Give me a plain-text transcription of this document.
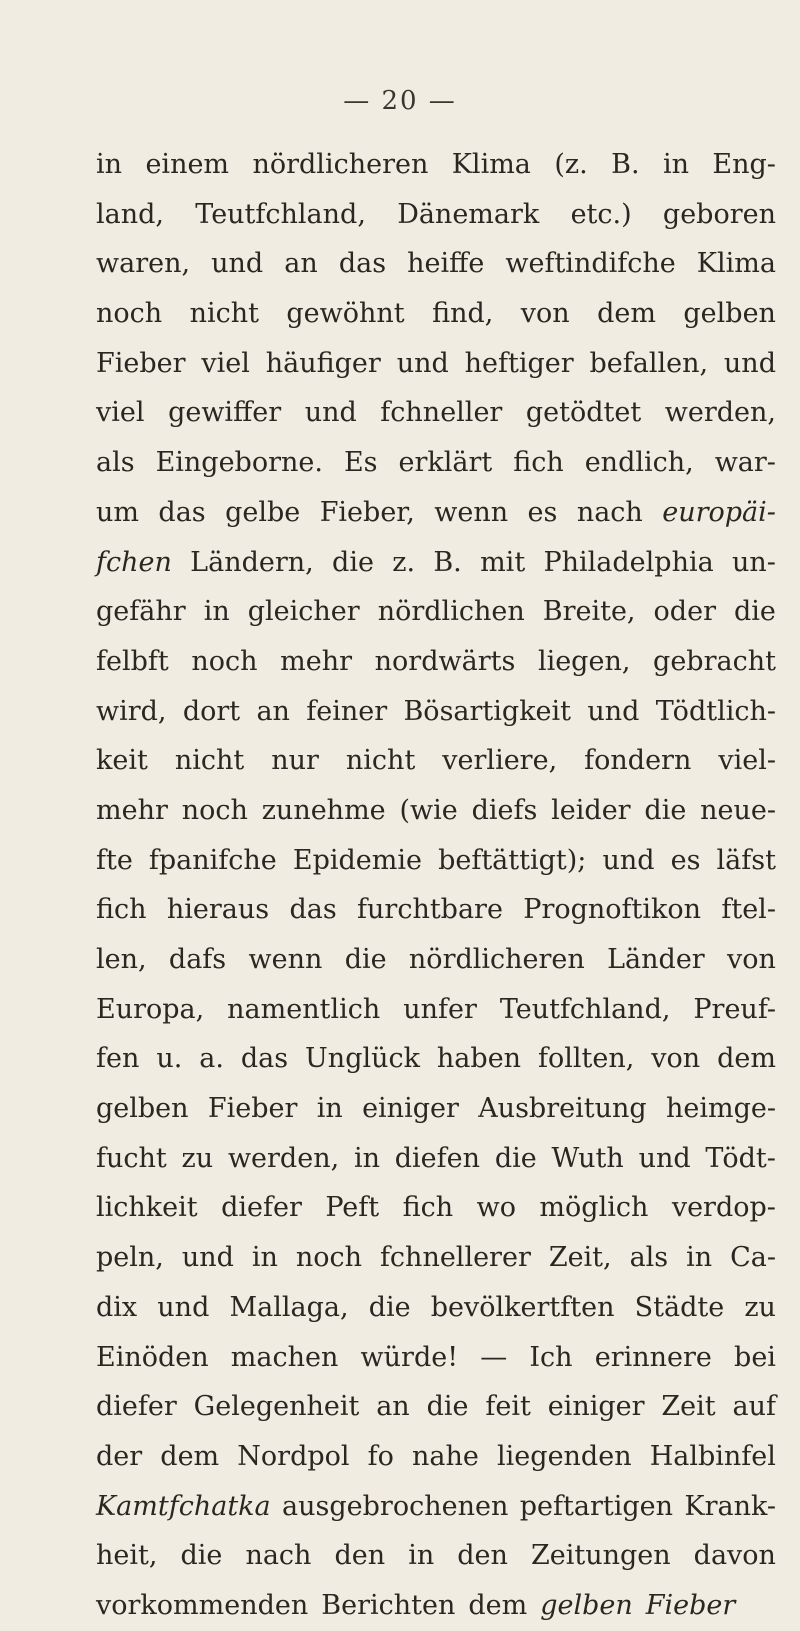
— 20 —
in einem nördlicheren Klima (z. B. in Eng-
land, Teutfchland, Dänemark etc.) geboren
waren, und an das heiffe weftindifche Klima
noch nicht gewöhnt find, von dem gelben
Fieber viel häufiger und heftiger befallen, und
viel gewiffer und fchneller getödtet werden,
als Eingeborne. Es erklärt fich endlich, war-
um das gelbe Fieber, wenn es nach europäi-
fchen Ländern, die z. B. mit Philadelphia un-
gefähr in gleicher nördlichen Breite, oder die
felbft noch mehr nordwärts liegen, gebracht
wird, dort an feiner Bösartigkeit und Tödtlich-
keit nicht nur nicht verliere, fondern viel-
mehr noch zunehme (wie diefs leider die neue-
fte fpanifche Epidemie beftättigt); und es läfst
fich hieraus das furchtbare Prognoftikon ftel-
len, dafs wenn die nördlicheren Länder von
Europa, namentlich unfer Teutfchland, Preuf-
fen u. a. das Unglück haben follten, von dem
gelben Fieber in einiger Ausbreitung heimge-
fucht zu werden, in diefen die Wuth und Tödt-
lichkeit diefer Peft fich wo möglich verdop-
peln, und in noch fchnellerer Zeit, als in Ca-
dix und Mallaga, die bevölkertften Städte zu
Einöden machen würde! — Ich erinnere bei
diefer Gelegenheit an die feit einiger Zeit auf
der dem Nordpol fo nahe liegenden Halbinfel
Kamtfchatka ausgebrochenen peftartigen Krank-
heit, die nach den in den Zeitungen davon
vorkommenden Berichten dem gelben Fieber
